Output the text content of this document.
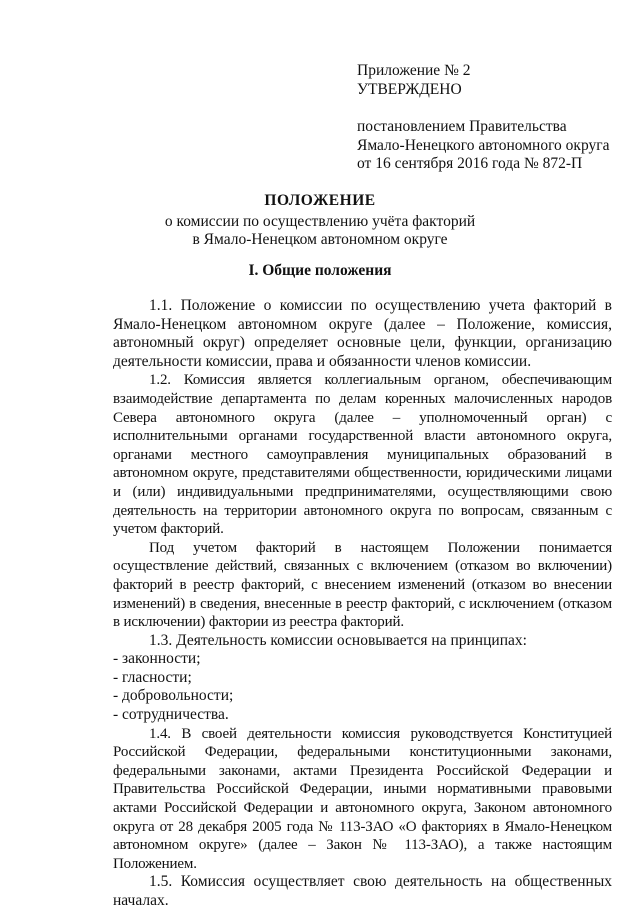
Приложение № 2
УТВЕРЖДЕНО
постановлением Правительства
Ямало-Ненецкого автономного округа
от 16 сентября 2016 года № 872-П
ПОЛОЖЕНИЕ
о комиссии по осуществлению учёта факторий
в Ямало-Ненецком автономном округе
I. Общие положения

1.1. Положение о комиссии по осуществлению учета факторий в Ямало-Ненецком автономном округе (далее – Положение, комиссия, автономный округ) определяет основные цели, функции, организацию деятельности комиссии, права и обязанности членов комиссии.

1.2. Комиссия является коллегиальным органом, обеспечивающим взаимодействие департамента по делам коренных малочисленных народов Севера автономного округа (далее – уполномоченный орган) с исполнительными органами государственной власти автономного округа, органами местного самоуправления муниципальных образований в автономном округе, представителями общественности, юридическими лицами и (или) индивидуальными предпринимателями, осуществляющими свою деятельность на территории автономного округа по вопросам, связанным с учетом факторий.

Под учетом факторий в настоящем Положении понимается осуществление действий, связанных с включением (отказом во включении) факторий в реестр факторий, с внесением изменений (отказом во внесении изменений) в сведения, внесенные в реестр факторий, с исключением (отказом в исключении) фактории из реестра факторий.

1.3. Деятельность комиссии основывается на принципах:

- законности;

- гласности;

- добровольности;

- сотрудничества.

1.4. В своей деятельности комиссия руководствуется Конституцией Российской Федерации, федеральными конституционными законами, федеральными законами, актами Президента Российской Федерации и Правительства Российской Федерации, иными нормативными правовыми актами Российской Федерации и автономного округа, Законом автономного округа от 28 декабря 2005 года № 113-ЗАО «О факториях в Ямало-Ненецком автономном округе» (далее – Закон № 113-ЗАО), а также настоящим Положением.

1.5. Комиссия осуществляет свою деятельность на общественных началах.
